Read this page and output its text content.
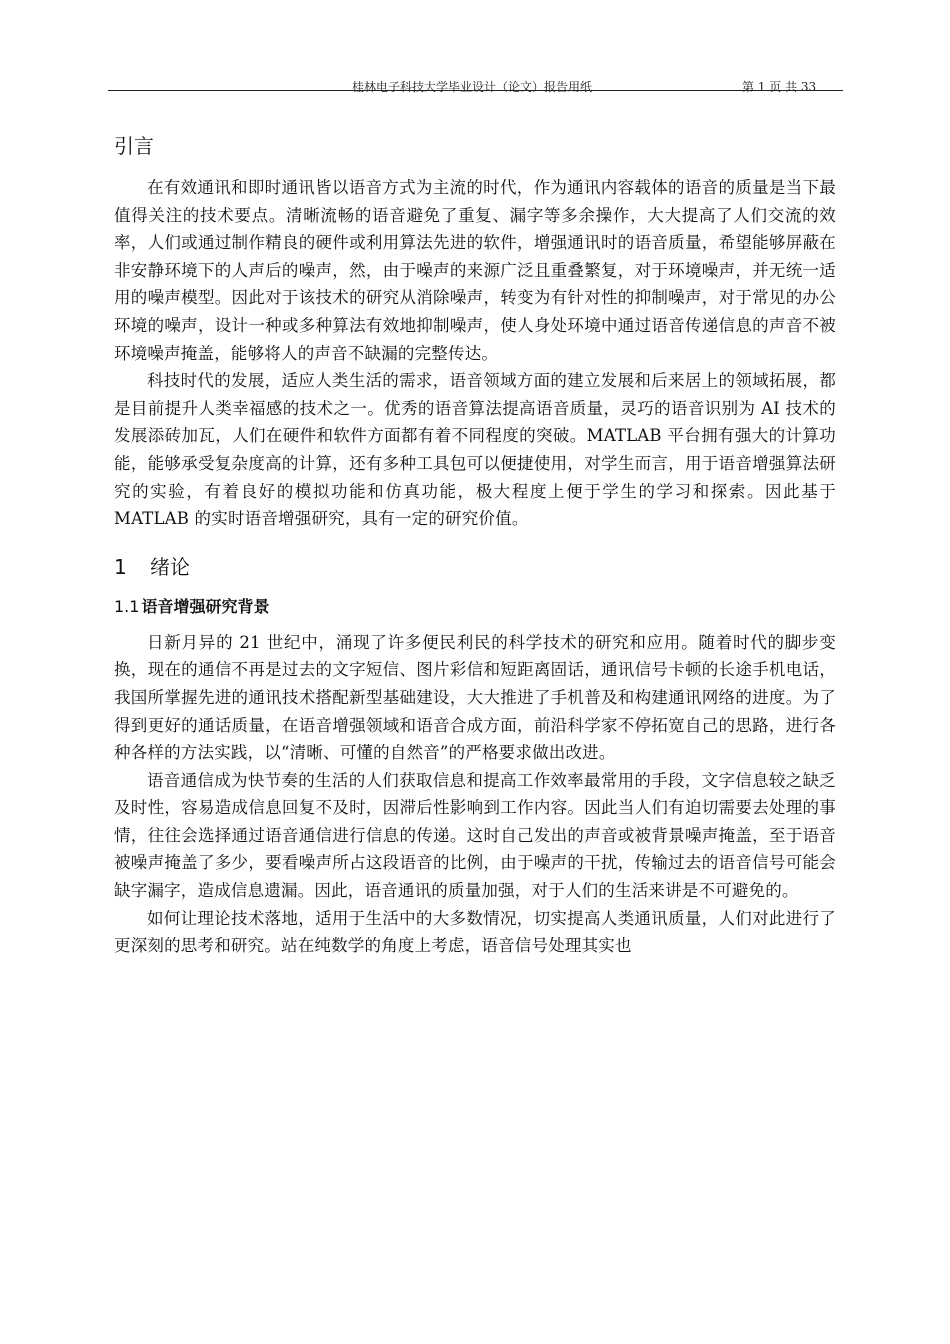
桂林电子科技大学毕业设计（论文）报告用纸	第 1 页 共 33
引言

在有效通讯和即时通讯皆以语音方式为主流的时代，作为通讯内容载体的语音的质量是当下最值得关注的技术要点。清晰流畅的语音避免了重复、漏字等多余操作，大大提高了人们交流的效率，人们或通过制作精良的硬件或利用算法先进的软件，增强通讯时的语音质量，希望能够屏蔽在非安静环境下的人声后的噪声，然，由于噪声的来源广泛且重叠繁复，对于环境噪声，并无统一适用的噪声模型。因此对于该技术的研究从消除噪声，转变为有针对性的抑制噪声，对于常见的办公环境的噪声，设计一种或多种算法有效地抑制噪声，使人身处环境中通过语音传递信息的声音不被环境噪声掩盖，能够将人的声音不缺漏的完整传达。

科技时代的发展，适应人类生活的需求，语音领域方面的建立发展和后来居上的领域拓展，都是目前提升人类幸福感的技术之一。优秀的语音算法提高语音质量，灵巧的语音识别为 AI 技术的发展添砖加瓦，人们在硬件和软件方面都有着不同程度的突破。MATLAB 平台拥有强大的计算功能，能够承受复杂度高的计算，还有多种工具包可以便捷使用，对学生而言，用于语音增强算法研究的实验，有着良好的模拟功能和仿真功能，极大程度上便于学生的学习和探索。因此基于 MATLAB 的实时语音增强研究，具有一定的研究价值。

1 绪论
1.1 语音增强研究背景

日新月异的 21 世纪中，涌现了许多便民利民的科学技术的研究和应用。随着时代的脚步变换，现在的通信不再是过去的文字短信、图片彩信和短距离固话，通讯信号卡顿的长途手机电话，我国所掌握先进的通讯技术搭配新型基础建设，大大推进了手机普及和构建通讯网络的进度。为了得到更好的通话质量，在语音增强领域和语音合成方面，前沿科学家不停拓宽自己的思路，进行各种各样的方法实践，以“清晰、可懂的自然音”的严格要求做出改进。

语音通信成为快节奏的生活的人们获取信息和提高工作效率最常用的手段，文字信息较之缺乏及时性，容易造成信息回复不及时，因滞后性影响到工作内容。因此当人们有迫切需要去处理的事情，往往会选择通过语音通信进行信息的传递。这时自己发出的声音或被背景噪声掩盖，至于语音被噪声掩盖了多少，要看噪声所占这段语音的比例，由于噪声的干扰，传输过去的语音信号可能会缺字漏字，造成信息遗漏。因此，语音通讯的质量加强，对于人们的生活来讲是不可避免的。

如何让理论技术落地，适用于生活中的大多数情况，切实提高人类通讯质量，人们对此进行了更深刻的思考和研究。站在纯数学的角度上考虑，语音信号处理其实也
